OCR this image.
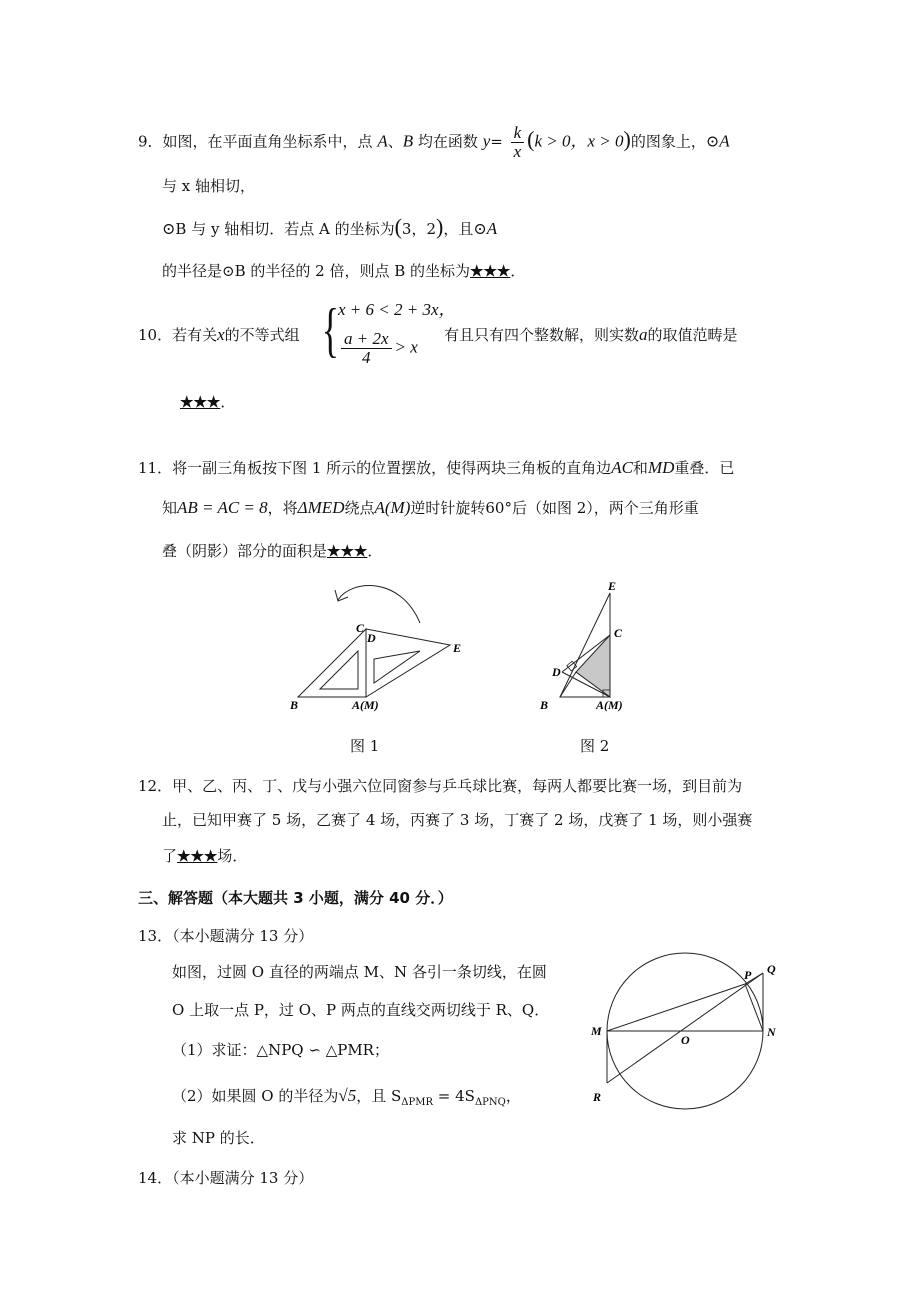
9．如图，在平面直角坐标系中，点 A、B 均在函数 $y= \frac{k}{x} (k > 0$，x > 0)的图象上，⊙A
与 x 轴相切，
⊙B 与 y 轴相切．若点 A 的坐标为(3，2)，且⊙A
的半径是⊙B 的半径的 2 倍，则点 B 的坐标为★★★．
10．若有关x的不等式组 {
x + 6 < 2 + 3x，
$\frac{a + 2x}{4} > x$
有且只有四个整数解，则实数a的取值范畴是
★★★．
11．将一副三角板按下图 1 所示的位置摆放，使得两块三角板的直角边AC和MD重叠．已
知AB = AC = 8，将ΔMED绕点A(M)逆时针旋转60°后（如图 2），两个三角形重
叠（阴影）部分的面积是★★★．
C
D
E
B	A(M)
图 1
E
C
D
B	A(M)
图 2
12．甲、乙、丙、丁、戊与小强六位同窗参与乒乓球比赛，每两人都要比赛一场，到目前为
止，已知甲赛了 5 场，乙赛了 4 场，丙赛了 3 场，丁赛了 2 场，戊赛了 1 场，则小强赛
了★★★场．
三、解答题（本大题共 3 小题，满分 40 分．）
13．（本小题满分 13 分）
如图，过圆 O 直径的两端点 M、N 各引一条切线，在圆
O 上取一点 P，过 O、P 两点的直线交两切线于 R、Q．
（1）求证：△NPQ ∽ △PMR；
（2）如果圆 O 的半径为√5，且 $S_{\Delta PMR} = 4S_{\Delta PNQ}$，
求 NP 的长．
P Q
M	N
O
R
14．（本小题满分 13 分）
